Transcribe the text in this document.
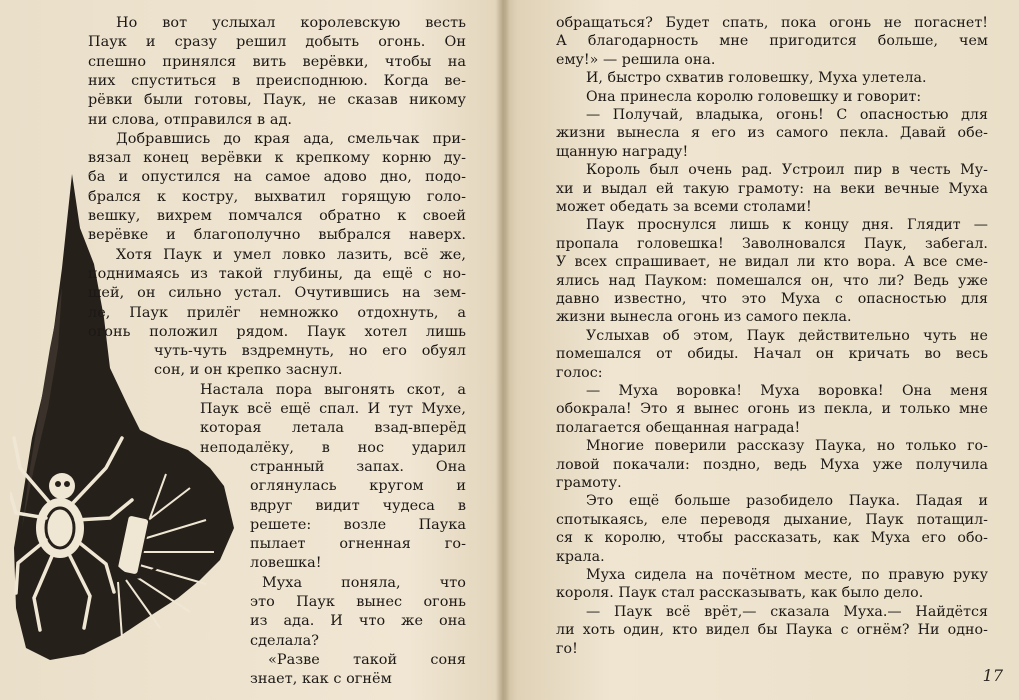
Но вот услыхал королевскую весть
Паук и сразу решил добыть огонь. Он
спешно принялся вить верёвки, чтобы на
них спуститься в преисподнюю. Когда ве-
рёвки были готовы, Паук, не сказав никому
ни слова, отправился в ад.
Добравшись до края ада, смельчак при-
вязал конец верёвки к крепкому корню ду-
ба и опустился на самое адово дно, подо-
брался к костру, выхватил горящую голо-
вешку, вихрем помчался обратно к своей
верёвке и благополучно выбрался наверх.
Хотя Паук и умел ловко лазить, всё же,
поднимаясь из такой глубины, да ещё с но-
шей, он сильно устал. Очутившись на зем-
ле, Паук прилёг немножко отдохнуть, а
огонь положил рядом. Паук хотел лишь
чуть-чуть вздремнуть, но его обуял
сон, и он крепко заснул.
Настала пора выгонять скот, а
Паук всё ещё спал. И тут Мухе,
которая летала взад-вперёд
неподалёку, в нос ударил
странный запах. Она
оглянулась кругом и
вдруг видит чудеса в
решете: возле Паука
пылает огненная го-
ловешка!
Муха поняла, что
это Паук вынес огонь
из ада. И что же она
сделала?
«Разве такой соня
знает, как с огнём
обращаться? Будет спать, пока огонь не погаснет!
А благодарность мне пригодится больше, чем
ему!» — решила она.
И, быстро схватив головешку, Муха улетела.
Она принесла королю головешку и говорит:
— Получай, владыка, огонь! С опасностью для
жизни вынесла я его из самого пекла. Давай обе-
щанную награду!
Король был очень рад. Устроил пир в честь Му-
хи и выдал ей такую грамоту: на веки вечные Муха
может обедать за всеми столами!
Паук проснулся лишь к концу дня. Глядит —
пропала головешка! Заволновался Паук, забегал.
У всех спрашивает, не видал ли кто вора. А все сме-
ялись над Пауком: помешался он, что ли? Ведь уже
давно известно, что это Муха с опасностью для
жизни вынесла огонь из самого пекла.
Услыхав об этом, Паук действительно чуть не
помешался от обиды. Начал он кричать во весь
голос:
— Муха воровка! Муха воровка! Она меня
обокрала! Это я вынес огонь из пекла, и только мне
полагается обещанная награда!
Многие поверили рассказу Паука, но только го-
ловой покачали: поздно, ведь Муха уже получила
грамоту.
Это ещё больше разобидело Паука. Падая и
спотыкаясь, еле переводя дыхание, Паук потащил-
ся к королю, чтобы рассказать, как Муха его обо-
крала.
Муха сидела на почётном месте, по правую руку
17
короля. Паук стал рассказывать, как было дело.
— Паук всё врёт,— сказала Муха.— Найдётся
ли хоть один, кто видел бы Паука с огнём? Ни одно-
го!
